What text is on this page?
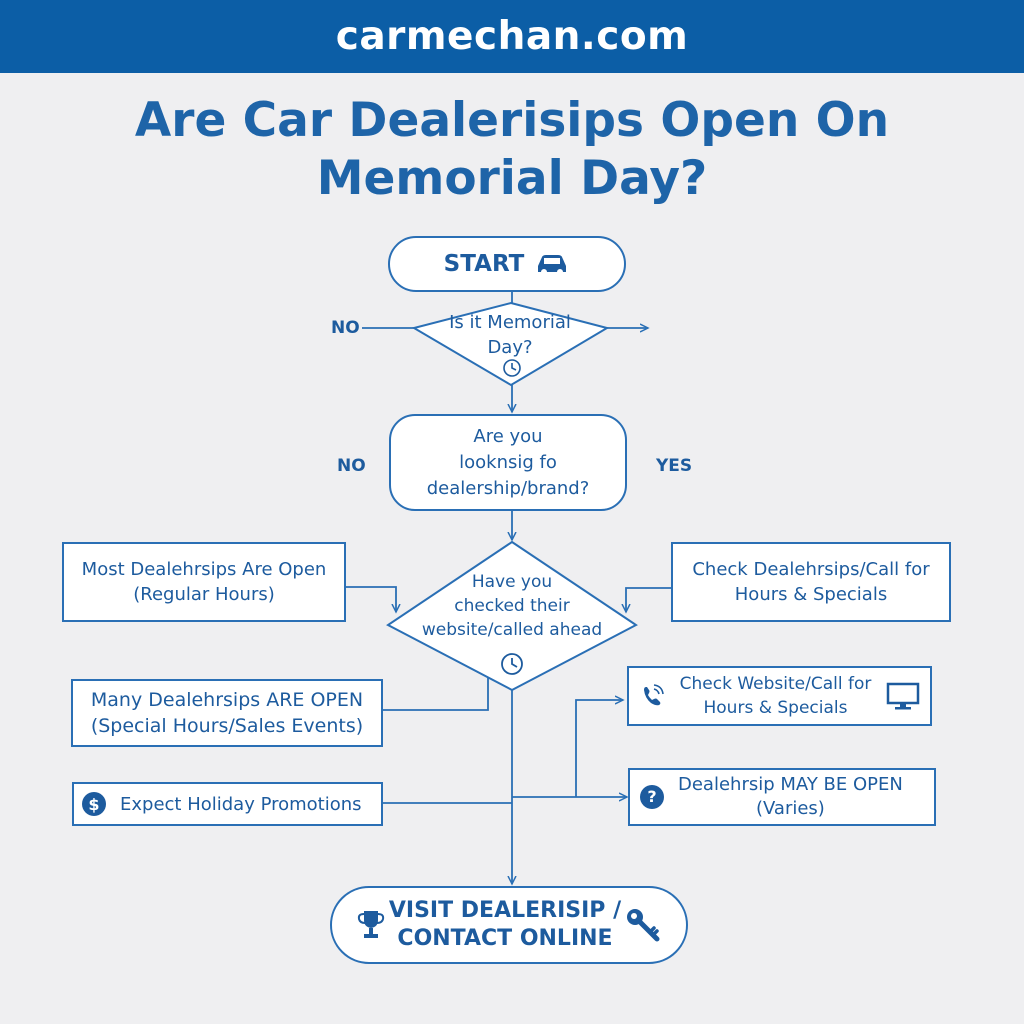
carmechan.com
Are Car Dealerisips Open On
Memorial Day?
NO
NO	YES
START
Is it Memorial
Day?
Are you
looknsig fo
dealership/brand?
Have you
checked their
website/called ahead
Most Dealehrsips Are Open
(Regular Hours)
Check Dealehrsips/Call for
Hours & Specials
Many Dealehrsips ARE OPEN
(Special Hours/Sales Events)
Check Website/Call for
Hours & Specials
$	Expect Holiday Promotions	?
Dealehrsip MAY BE OPEN
(Varies)
VISIT DEALERISIP /
CONTACT ONLINE
